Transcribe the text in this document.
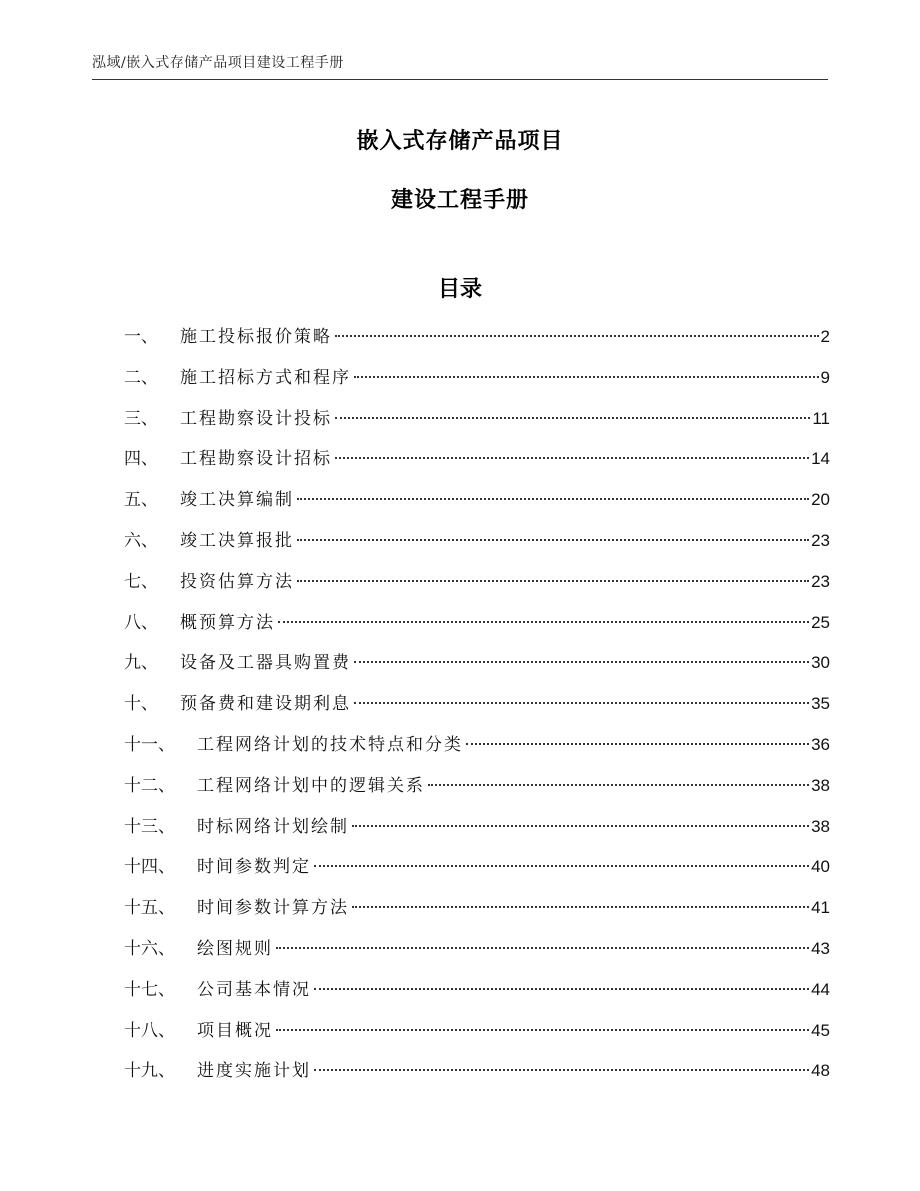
泓域/嵌入式存储产品项目建设工程手册
嵌入式存储产品项目
建设工程手册
目录
一、 施工投标报价策略	2
二、 施工招标方式和程序	9
三、 工程勘察设计投标	11
四、 工程勘察设计招标	14
五、 竣工决算编制	20
六、 竣工决算报批	23
七、 投资估算方法	23
八、 概预算方法	25
九、 设备及工器具购置费	30
十、 预备费和建设期利息	35
十一、 工程网络计划的技术特点和分类	36
十二、 工程网络计划中的逻辑关系	38
十三、 时标网络计划绘制	38
十四、 时间参数判定	40
十五、 时间参数计算方法	41
十六、 绘图规则	43
十七、 公司基本情况	44
十八、 项目概况	45
十九、 进度实施计划	48
